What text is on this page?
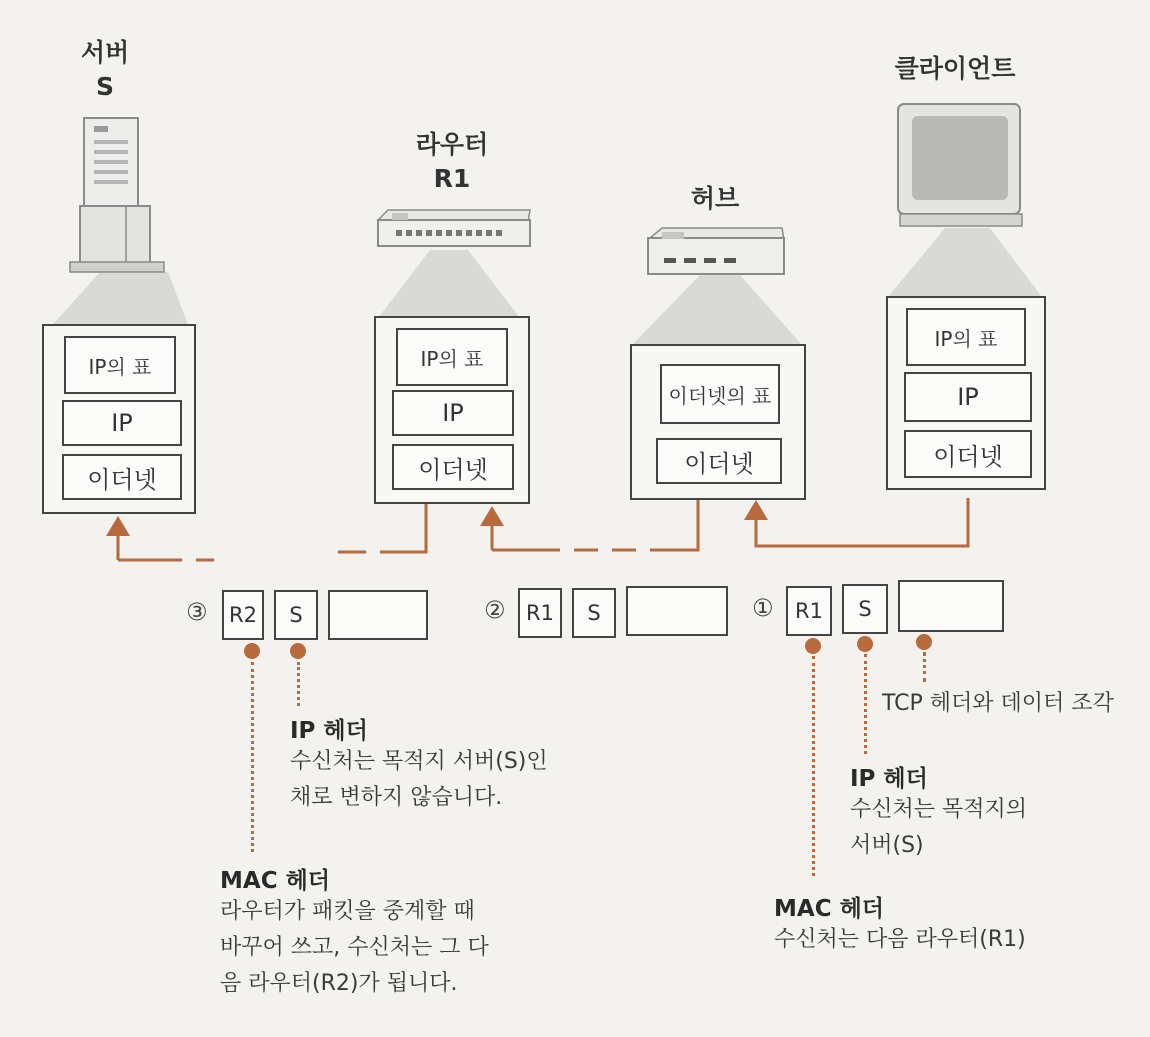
서버
S
라우터
R1
허브
클라이언트
IP의 표
IP
이더넷
IP의 표
IP
이더넷
이더넷의 표
이더넷
IP의 표
IP
이더넷
③	R2	S	② R1	S	①	R1	S
TCP 헤더와 데이터 조각
IP 헤더
수신처는 목적지의
서버(S)
MAC 헤더
수신처는 다음 라우터(R1)
IP 헤더
수신처는 목적지 서버(S)인
채로 변하지 않습니다.
MAC 헤더
라우터가 패킷을 중계할 때
바꾸어 쓰고, 수신처는 그 다
음 라우터(R2)가 됩니다.
